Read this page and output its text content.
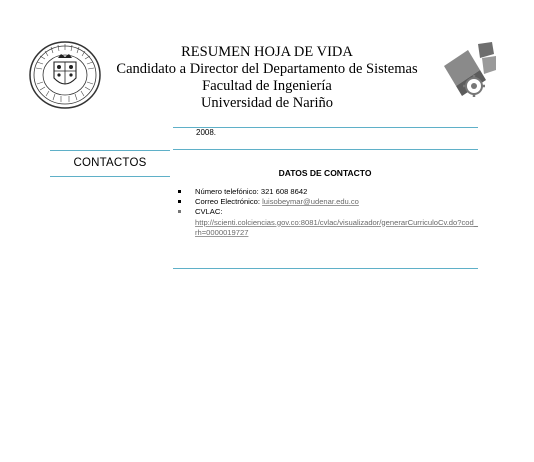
RESUMEN HOJA DE VIDA
Candidato a Director del Departamento de Sistemas
Facultad de Ingeniería
Universidad de Nariño
2008.
CONTACTOS
DATOS DE CONTACTO
Número telefónico: 321 608 8642
Correo Electrónico: luisobeymar@udenar.edu.co
CVLAC:
http://scienti.colciencias.gov.co:8081/cvlac/visualizador/generarCurriculoCv.do?cod_rh=0000019727
